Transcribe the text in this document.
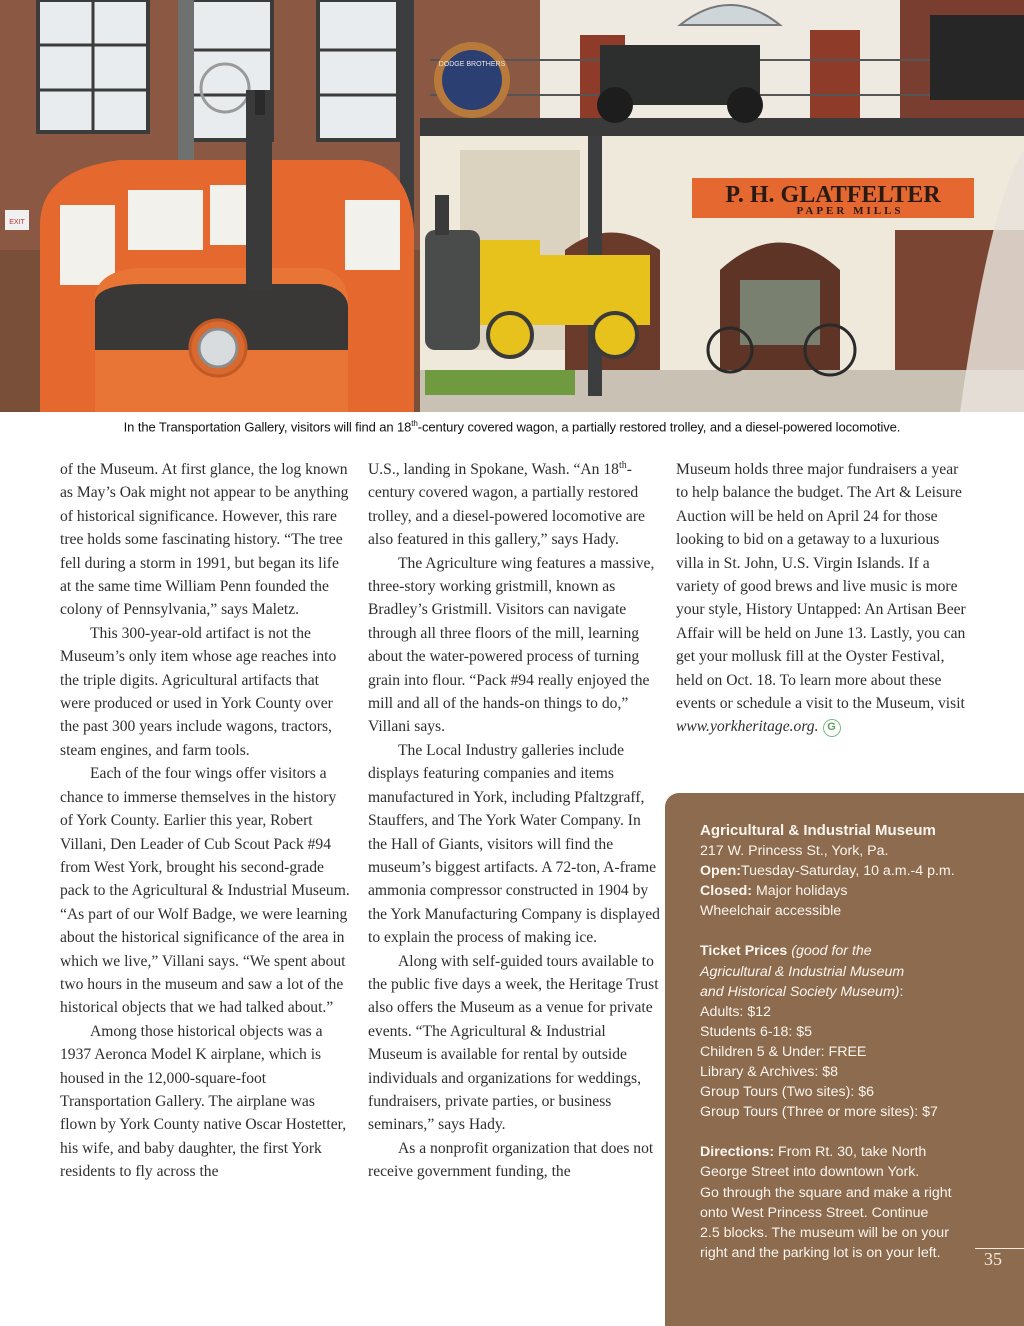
P. H. GLATFELTER
PAPER MILLS
DODGE BROTHERS
EXIT
In the Transportation Gallery, visitors will find an 18th-century covered wagon, a partially restored trolley, and a diesel-powered locomotive.

of the Museum. At first glance, the log known as May’s Oak might not appear to be anything of historical significance. However, this rare tree holds some fascinating history. “The tree fell during a storm in 1991, but began its life at the same time William Penn founded the colony of Pennsylvania,” says Maletz.

This 300-year-old artifact is not the Museum’s only item whose age reaches into the triple digits. Agricultural artifacts that were produced or used in York County over the past 300 years include wagons, tractors, steam engines, and farm tools.

Each of the four wings offer visitors a chance to immerse themselves in the history of York County. Earlier this year, Robert Villani, Den Leader of Cub Scout Pack #94 from West York, brought his second-grade pack to the Agricultural & Industrial Museum. “As part of our Wolf Badge, we were learning about the historical significance of the area in which we live,” Villani says. “We spent about two hours in the museum and saw a lot of the historical objects that we had talked about.”

Among those historical objects was a 1937 Aeronca Model K airplane, which is housed in the 12,000-square-foot Transportation Gallery. The airplane was flown by York County native Oscar Hostetter, his wife, and baby daughter, the first York residents to fly across the

U.S., landing in Spokane, Wash. “An 18th-century covered wagon, a partially restored trolley, and a diesel-powered locomotive are also featured in this gallery,” says Hady.

The Agriculture wing features a massive, three-story working gristmill, known as Bradley’s Gristmill. Visitors can navigate through all three floors of the mill, learning about the water-powered process of turning grain into flour. “Pack #94 really enjoyed the mill and all of the hands-on things to do,” Villani says.

The Local Industry galleries include displays featuring companies and items manufactured in York, including Pfaltzgraff, Stauffers, and The York Water Company. In the Hall of Giants, visitors will find the museum’s biggest artifacts. A 72-ton, A-frame ammonia compressor constructed in 1904 by the York Manufacturing Company is displayed to explain the process of making ice.

Along with self-guided tours available to the public five days a week, the Heritage Trust also offers the Museum as a venue for private events. “The Agricultural & Industrial Museum is available for rental by outside individuals and organizations for weddings, fundraisers, private parties, or business seminars,” says Hady.

As a nonprofit organization that does not receive government funding, the

Museum holds three major fundraisers a year to help balance the budget. The Art & Leisure Auction will be held on April 24 for those looking to bid on a getaway to a luxurious villa in St. John, U.S. Virgin Islands. If a variety of good brews and live music is more your style, History Untapped: An Artisan Beer Affair will be held on June 13. Lastly, you can get your mollusk fill at the Oyster Festival, held on Oct. 18. To learn more about these events or schedule a visit to the Museum, visit www.yorkheritage.org. G

Agricultural & Industrial Museum
217 W. Princess St., York, Pa.
Open:Tuesday-Saturday, 10 a.m.-4 p.m.
Closed: Major holidays
Wheelchair accessible
Ticket Prices (good for the
Agricultural & Industrial Museum
and Historical Society Museum):
Adults: $12
Students 6-18: $5
Children 5 & Under: FREE
Library & Archives: $8
Group Tours (Two sites): $6
Group Tours (Three or more sites): $7
Directions: From Rt. 30, take North
George Street into downtown York.
Go through the square and make a right
onto West Princess Street. Continue
2.5 blocks. The museum will be on your
right and the parking lot is on your left.	35
